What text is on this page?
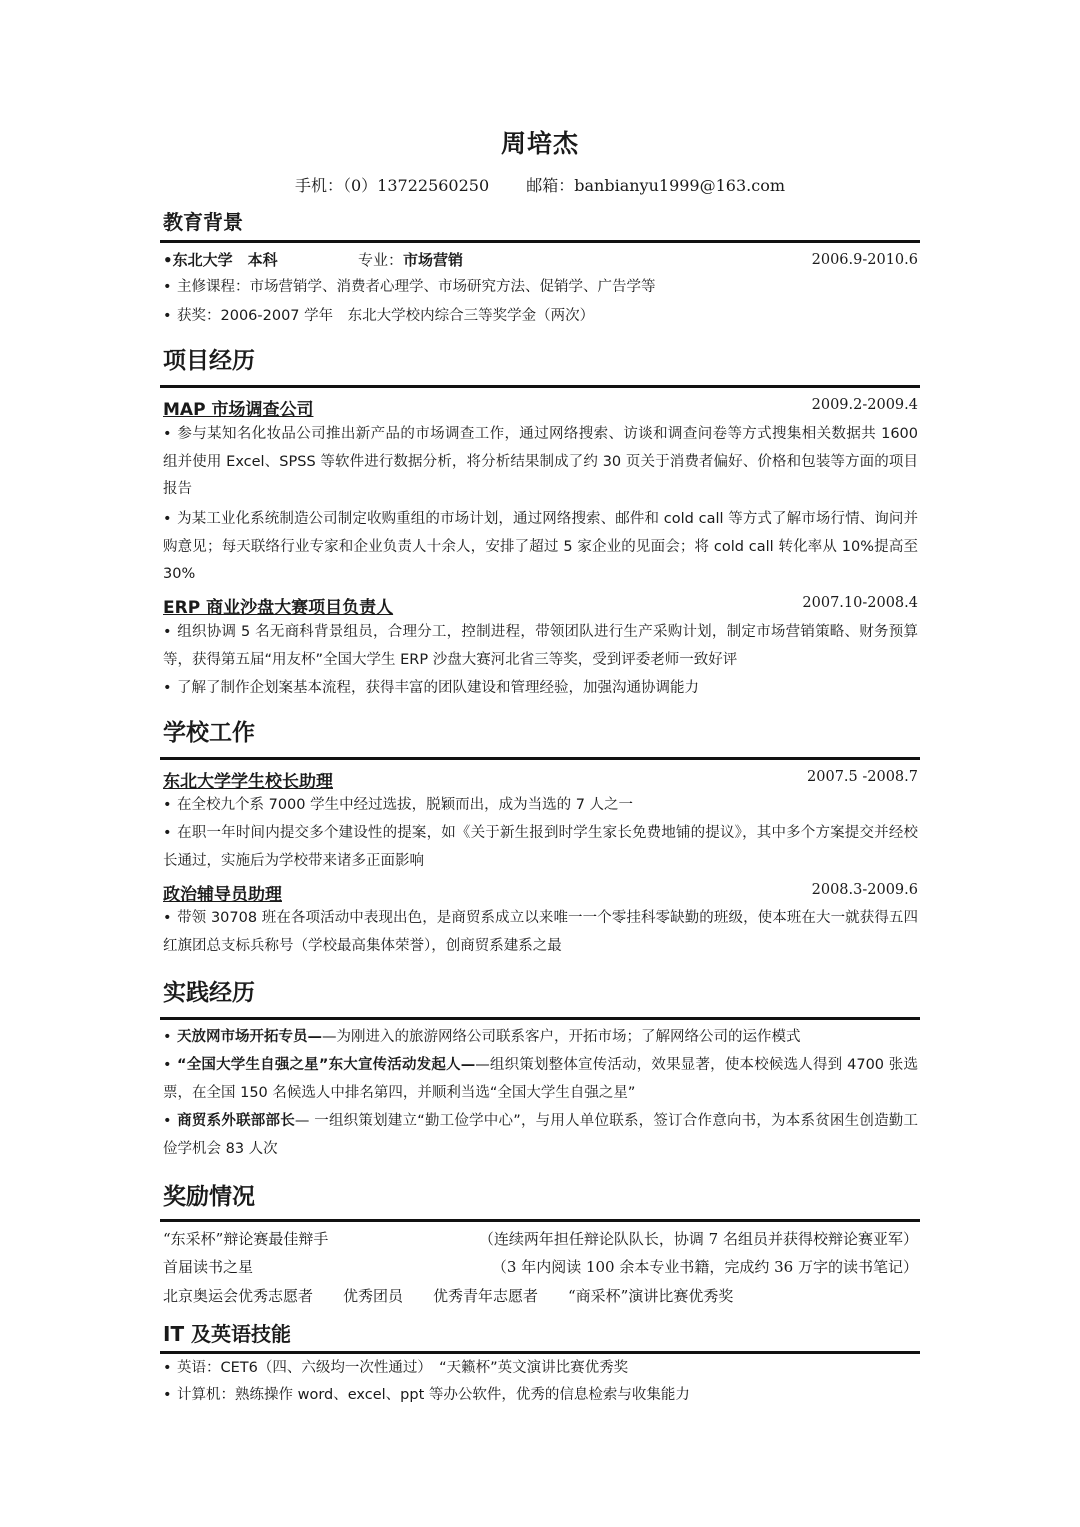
周培杰
手机：（0）13722560250 邮箱：banbianyu1999@163.com
教育背景
•东北大学　本科	专业：市场营销	2006.9-2010.6
• 主修课程：市场营销学、消费者心理学、市场研究方法、促销学、广告学等
• 获奖：2006-2007 学年　东北大学校内综合三等奖学金（两次）
项目经历
MAP 市场调查公司	2009.2-2009.4
• 参与某知名化妆品公司推出新产品的市场调查工作，通过网络搜索、访谈和调查问卷等方式搜集相关数据共 1600 组并使用 Excel、SPSS 等软件进行数据分析，将分析结果制成了约 30 页关于消费者偏好、价格和包装等方面的项目报告
• 为某工业化系统制造公司制定收购重组的市场计划，通过网络搜索、邮件和 cold call 等方式了解市场行情、询问并购意见；每天联络行业专家和企业负责人十余人，安排了超过 5 家企业的见面会；将 cold call 转化率从 10%提高至 30%
ERP 商业沙盘大赛项目负责人	2007.10-2008.4
• 组织协调 5 名无商科背景组员，合理分工，控制进程，带领团队进行生产采购计划，制定市场营销策略、财务预算等，获得第五届“用友杯”全国大学生 ERP 沙盘大赛河北省三等奖，受到评委老师一致好评
• 了解了制作企划案基本流程，获得丰富的团队建设和管理经验，加强沟通协调能力
学校工作
东北大学学生校长助理	2007.5 -2008.7
• 在全校九个系 7000 学生中经过选拔，脱颖而出，成为当选的 7 人之一
• 在职一年时间内提交多个建设性的提案，如《关于新生报到时学生家长免费地铺的提议》，其中多个方案提交并经校长通过，实施后为学校带来诸多正面影响
政治辅导员助理	2008.3-2009.6
• 带领 30708 班在各项活动中表现出色，是商贸系成立以来唯一一个零挂科零缺勤的班级，使本班在大一就获得五四红旗团总支标兵称号（学校最高集体荣誉），创商贸系建系之最
实践经历
• 天放网市场开拓专员——为刚进入的旅游网络公司联系客户，开拓市场；了解网络公司的运作模式
• “全国大学生自强之星”东大宣传活动发起人——组织策划整体宣传活动，效果显著，使本校候选人得到 4700 张选票，在全国 150 名候选人中排名第四，并顺利当选“全国大学生自强之星”
• 商贸系外联部部长— 一组织策划建立“勤工俭学中心”，与用人单位联系，签订合作意向书，为本系贫困生创造勤工俭学机会 83 人次
奖励情况
“东采杯”辩论赛最佳辩手	（连续两年担任辩论队队长，协调 7 名组员并获得校辩论赛亚军）
首届读书之星	（3 年内阅读 100 余本专业书籍，完成约 36 万字的读书笔记）
北京奥运会优秀志愿者　　优秀团员　　优秀青年志愿者　　“商采杯”演讲比赛优秀奖
IT 及英语技能
• 英语：CET6（四、六级均一次性通过）　“天籁杯”英文演讲比赛优秀奖
• 计算机：熟练操作 word、excel、ppt 等办公软件，优秀的信息检索与收集能力
